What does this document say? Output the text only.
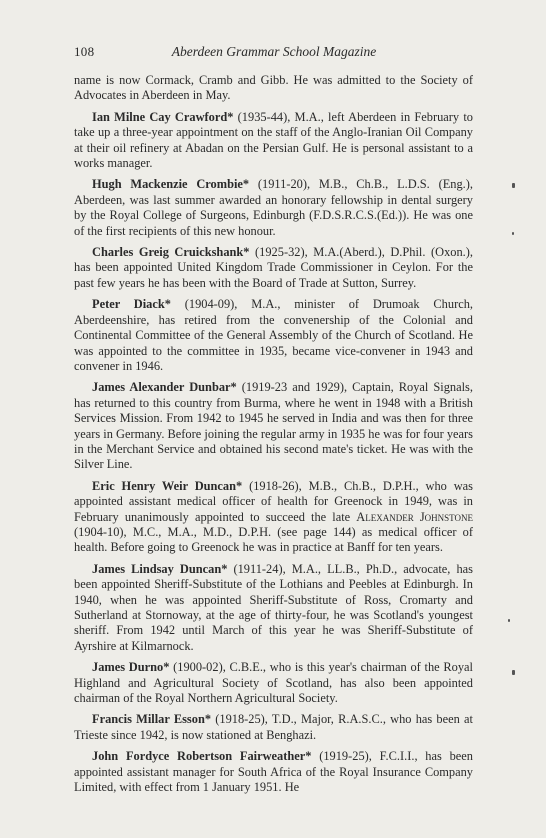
108	Aberdeen Grammar School Magazine

name is now Cormack, Cramb and Gibb. He was admitted to the Society of Advocates in Aberdeen in May.

Ian Milne Cay Crawford* (1935-44), M.A., left Aberdeen in February to take up a three-year appointment on the staff of the Anglo-Iranian Oil Company at their oil refinery at Abadan on the Persian Gulf. He is personal assistant to a works manager.

Hugh Mackenzie Crombie* (1911-20), M.B., Ch.B., L.D.S. (Eng.), Aberdeen, was last summer awarded an honorary fellowship in dental surgery by the Royal College of Surgeons, Edinburgh (F.D.S.R.C.S.(Ed.)). He was one of the first recipients of this new honour.

Charles Greig Cruickshank* (1925-32), M.A.(Aberd.), D.Phil. (Oxon.), has been appointed United Kingdom Trade Commissioner in Ceylon. For the past few years he has been with the Board of Trade at Sutton, Surrey.

Peter Diack* (1904-09), M.A., minister of Drumoak Church, Aberdeenshire, has retired from the convenership of the Colonial and Continental Committee of the General Assembly of the Church of Scotland. He was appointed to the committee in 1935, became vice-convener in 1943 and convener in 1946.

James Alexander Dunbar* (1919-23 and 1929), Captain, Royal Signals, has returned to this country from Burma, where he went in 1948 with a British Services Mission. From 1942 to 1945 he served in India and was then for three years in Germany. Before joining the regular army in 1935 he was for four years in the Merchant Service and obtained his second mate's ticket. He was with the Silver Line.

Eric Henry Weir Duncan* (1918-26), M.B., Ch.B., D.P.H., who was appointed assistant medical officer of health for Greenock in 1949, was in February unanimously appointed to succeed the late Alexander Johnstone (1904-10), M.C., M.A., M.D., D.P.H. (see page 144) as medical officer of health. Before going to Greenock he was in practice at Banff for ten years.

James Lindsay Duncan* (1911-24), M.A., LL.B., Ph.D., advocate, has been appointed Sheriff-Substitute of the Lothians and Peebles at Edinburgh. In 1940, when he was appointed Sheriff-Substitute of Ross, Cromarty and Sutherland at Stornoway, at the age of thirty-four, he was Scotland's youngest sheriff. From 1942 until March of this year he was Sheriff-Substitute of Ayrshire at Kilmarnock.

James Durno* (1900-02), C.B.E., who is this year's chairman of the Royal Highland and Agricultural Society of Scotland, has also been appointed chairman of the Royal Northern Agricultural Society.

Francis Millar Esson* (1918-25), T.D., Major, R.A.S.C., who has been at Trieste since 1942, is now stationed at Benghazi.

John Fordyce Robertson Fairweather* (1919-25), F.C.I.I., has been appointed assistant manager for South Africa of the Royal Insurance Company Limited, with effect from 1 January 1951. He
